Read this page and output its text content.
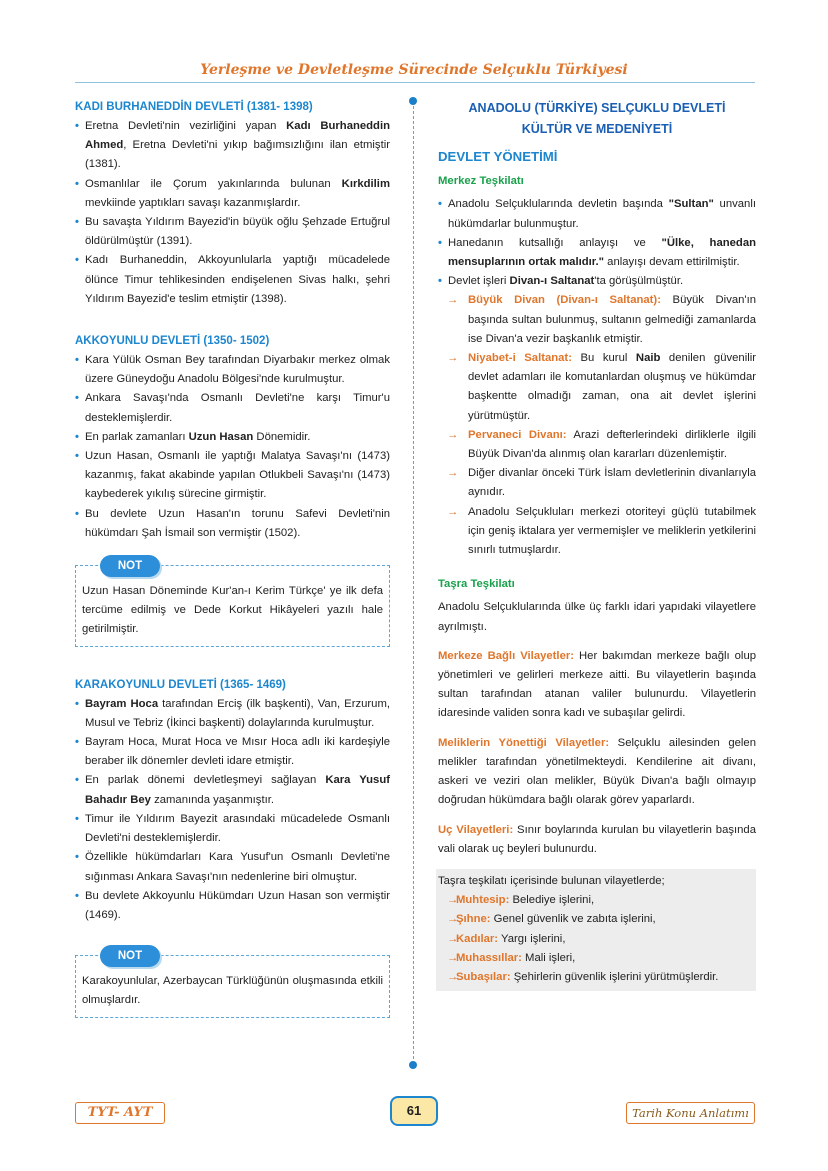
Yerleşme ve Devletleşme Sürecinde Selçuklu Türkiyesi
KADI BURHANEDDİN DEVLETİ (1381- 1398)
• Eretna Devleti'nin vezirliğini yapan Kadı Burhaneddin Ahmed, Eretna Devleti'ni yıkıp bağımsızlığını ilan etmiştir (1381).
• Osmanlılar ile Çorum yakınlarında bulunan Kırkdilim mevkiinde yaptıkları savaşı kazanmışlardır.
• Bu savaşta Yıldırım Bayezid'in büyük oğlu Şehzade Ertuğrul öldürülmüştür (1391).
• Kadı Burhaneddin, Akkoyunlularla yaptığı mücadelede ölünce Timur tehlikesinden endişelenen Sivas halkı, şehri Yıldırım Bayezid'e teslim etmiştir (1398).
AKKOYUNLU DEVLETİ (1350- 1502)
• Kara Yülük Osman Bey tarafından Diyarbakır merkez olmak üzere Güneydoğu Anadolu Bölgesi'nde kurulmuştur.
• Ankara Savaşı'nda Osmanlı Devleti'ne karşı Timur'u desteklemişlerdir.
• En parlak zamanları Uzun Hasan Dönemidir.
• Uzun Hasan, Osmanlı ile yaptığı Malatya Savaşı'nı (1473) kazanmış, fakat akabinde yapılan Otlukbeli Savaşı'nı (1473) kaybederek yıkılış sürecine girmiştir.
• Bu devlete Uzun Hasan'ın torunu Safevi Devleti'nin hükümdarı Şah İsmail son vermiştir (1502).
NOT

Uzun Hasan Döneminde Kur'an-ı Kerim Türkçe' ye ilk defa tercüme edilmiş ve Dede Korkut Hikâyeleri yazılı hale getirilmiştir.

KARAKOYUNLU DEVLETİ (1365- 1469)
• Bayram Hoca tarafından Erciş (ilk başkenti), Van, Erzurum, Musul ve Tebriz (İkinci başkenti) dolaylarında kurulmuştur.
• Bayram Hoca, Murat Hoca ve Mısır Hoca adlı iki kardeşiyle beraber ilk dönemler devleti idare etmiştir.
• En parlak dönemi devletleşmeyi sağlayan Kara Yusuf Bahadır Bey zamanında yaşanmıştır.
• Timur ile Yıldırım Bayezit arasındaki mücadelede Osmanlı Devleti'ni desteklemişlerdir.
• Özellikle hükümdarları Kara Yusuf'un Osmanlı Devleti'ne sığınması Ankara Savaşı'nın nedenlerine biri olmuştur.
• Bu devlete Akkoyunlu Hükümdarı Uzun Hasan son vermiştir (1469).
NOT

Karakoyunlular, Azerbaycan Türklüğünün oluşmasında etkili olmuşlardır.

ANADOLU (TÜRKİYE) SELÇUKLU DEVLETİ
KÜLTÜR VE MEDENİYETİ
DEVLET YÖNETİMİ
Merkez Teşkilatı
• Anadolu Selçuklularında devletin başında "Sultan" unvanlı hükümdarlar bulunmuştur.
• Hanedanın kutsallığı anlayışı ve "Ülke, hanedan mensuplarının ortak malıdır." anlayışı devam ettirilmiştir.
• Devlet işleri Divan-ı Saltanat'ta görüşülmüştür.
→ Büyük Divan (Divan-ı Saltanat): Büyük Divan'ın başında sultan bulunmuş, sultanın gelmediği zamanlarda ise Divan'a vezir başkanlık etmiştir.
→ Niyabet-i Saltanat: Bu kurul Naib denilen güvenilir devlet adamları ile komutanlardan oluşmuş ve hükümdar başkentte olmadığı zaman, ona ait devlet işlerini yürütmüştür.
→ Pervaneci Divanı: Arazi defterlerindeki dirliklerle ilgili Büyük Divan'da alınmış olan kararları düzenlemiştir.
→ Diğer divanlar önceki Türk İslam devletlerinin divanlarıyla aynıdır.
→ Anadolu Selçukluları merkezi otoriteyi güçlü tutabilmek için geniş iktalara yer vermemişler ve meliklerin yetkilerini sınırlı tutmuşlardır.
Taşra Teşkilatı

Anadolu Selçuklularında ülke üç farklı idari yapıdaki vilayetlere ayrılmıştı.

Merkeze Bağlı Vilayetler: Her bakımdan merkeze bağlı olup yönetimleri ve gelirleri merkeze aitti. Bu vilayetlerin başında sultan tarafından atanan valiler bulunurdu. Vilayetlerin idaresinde validen sonra kadı ve subaşılar gelirdi.

Meliklerin Yönettiği Vilayetler: Selçuklu ailesinden gelen melikler tarafından yönetilmekteydi. Kendilerine ait divanı, askeri ve veziri olan melikler, Büyük Divan'a bağlı olmayıp doğrudan hükümdara bağlı olarak görev yaparlardı.

Uç Vilayetleri: Sınır boylarında kurulan bu vilayetlerin başında vali olarak uç beyleri bulunurdu.

Taşra teşkilatı içerisinde bulunan vilayetlerde;

→ Muhtesip: Belediye işlerini,
→ Şıhne: Genel güvenlik ve zabıta işlerini,
→ Kadılar: Yargı işlerini,
→ Muhassıllar: Mali işleri,
→ Subaşılar: Şehirlerin güvenlik işlerini yürütmüşlerdir.
TYT- AYT	61	Tarih Konu Anlatımı
